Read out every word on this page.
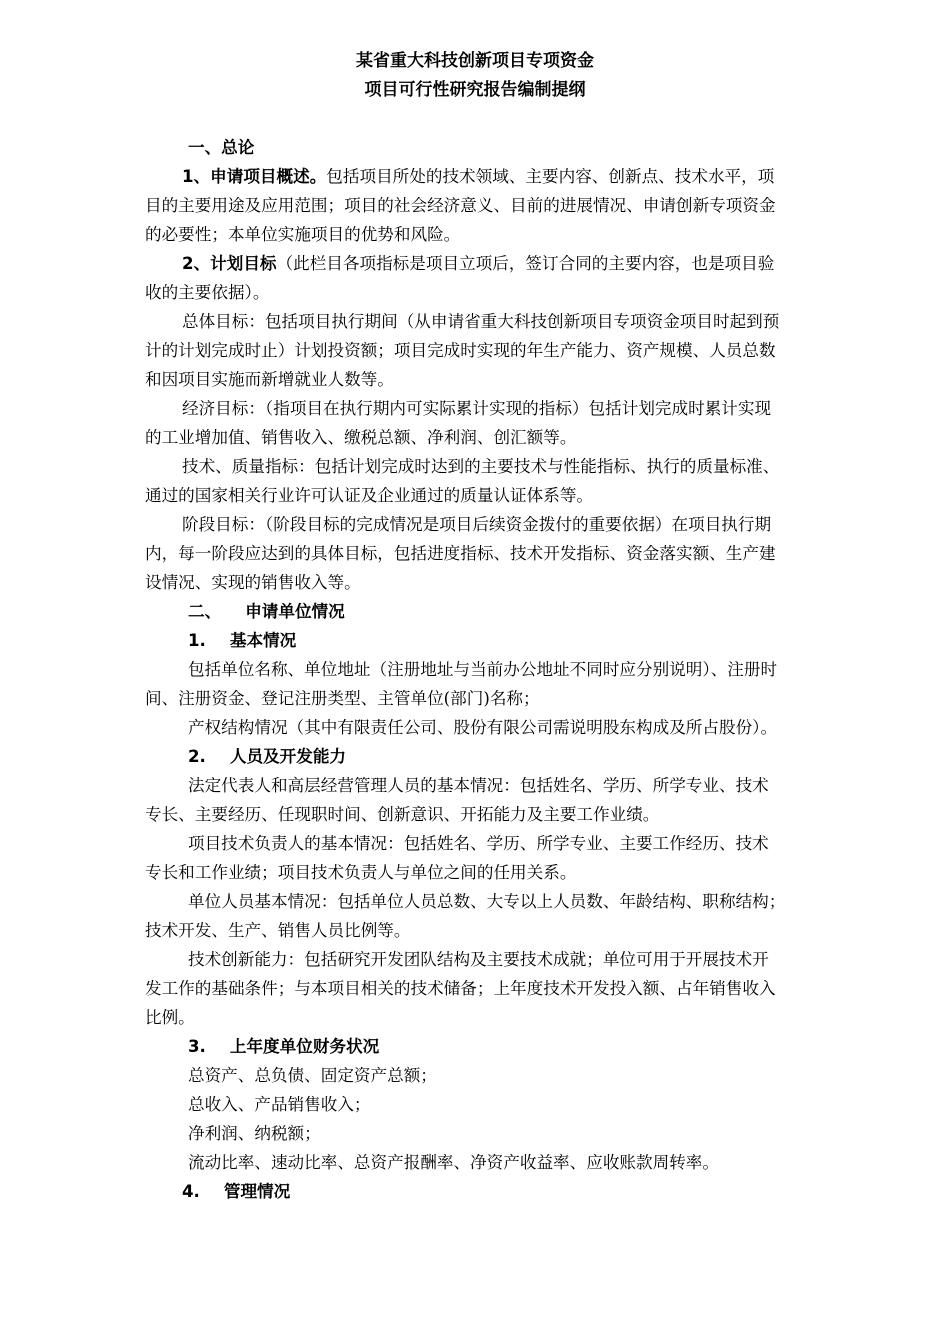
某省重大科技创新项目专项资金
项目可行性研究报告编制提纲
一、总论
1、申请项目概述。包括项目所处的技术领域、主要内容、创新点、技术水平，项
目的主要用途及应用范围；项目的社会经济意义、目前的进展情况、申请创新专项资金
的必要性；本单位实施项目的优势和风险。
2、计划目标（此栏目各项指标是项目立项后，签订合同的主要内容，也是项目验
收的主要依据）。
总体目标：包括项目执行期间（从申请省重大科技创新项目专项资金项目时起到预
计的计划完成时止）计划投资额；项目完成时实现的年生产能力、资产规模、人员总数
和因项目实施而新增就业人数等。
经济目标：（指项目在执行期内可实际累计实现的指标）包括计划完成时累计实现
的工业增加值、销售收入、缴税总额、净利润、创汇额等。
技术、质量指标：包括计划完成时达到的主要技术与性能指标、执行的质量标准、
通过的国家相关行业许可认证及企业通过的质量认证体系等。
阶段目标：（阶段目标的完成情况是项目后续资金拨付的重要依据）在项目执行期
内，每一阶段应达到的具体目标，包括进度指标、技术开发指标、资金落实额、生产建
设情况、实现的销售收入等。
二、 申请单位情况
1. 基本情况
包括单位名称、单位地址（注册地址与当前办公地址不同时应分别说明）、注册时
间、注册资金、登记注册类型、主管单位(部门)名称；
产权结构情况（其中有限责任公司、股份有限公司需说明股东构成及所占股份）。
2. 人员及开发能力
法定代表人和高层经营管理人员的基本情况：包括姓名、学历、所学专业、技术
专长、主要经历、任现职时间、创新意识、开拓能力及主要工作业绩。
项目技术负责人的基本情况：包括姓名、学历、所学专业、主要工作经历、技术
专长和工作业绩；项目技术负责人与单位之间的任用关系。
单位人员基本情况：包括单位人员总数、大专以上人员数、年龄结构、职称结构；
技术开发、生产、销售人员比例等。
技术创新能力：包括研究开发团队结构及主要技术成就；单位可用于开展技术开
发工作的基础条件；与本项目相关的技术储备；上年度技术开发投入额、占年销售收入
比例。
3. 上年度单位财务状况
总资产、总负债、固定资产总额；
总收入、产品销售收入；
净利润、纳税额；
流动比率、速动比率、总资产报酬率、净资产收益率、应收账款周转率。
4. 管理情况
